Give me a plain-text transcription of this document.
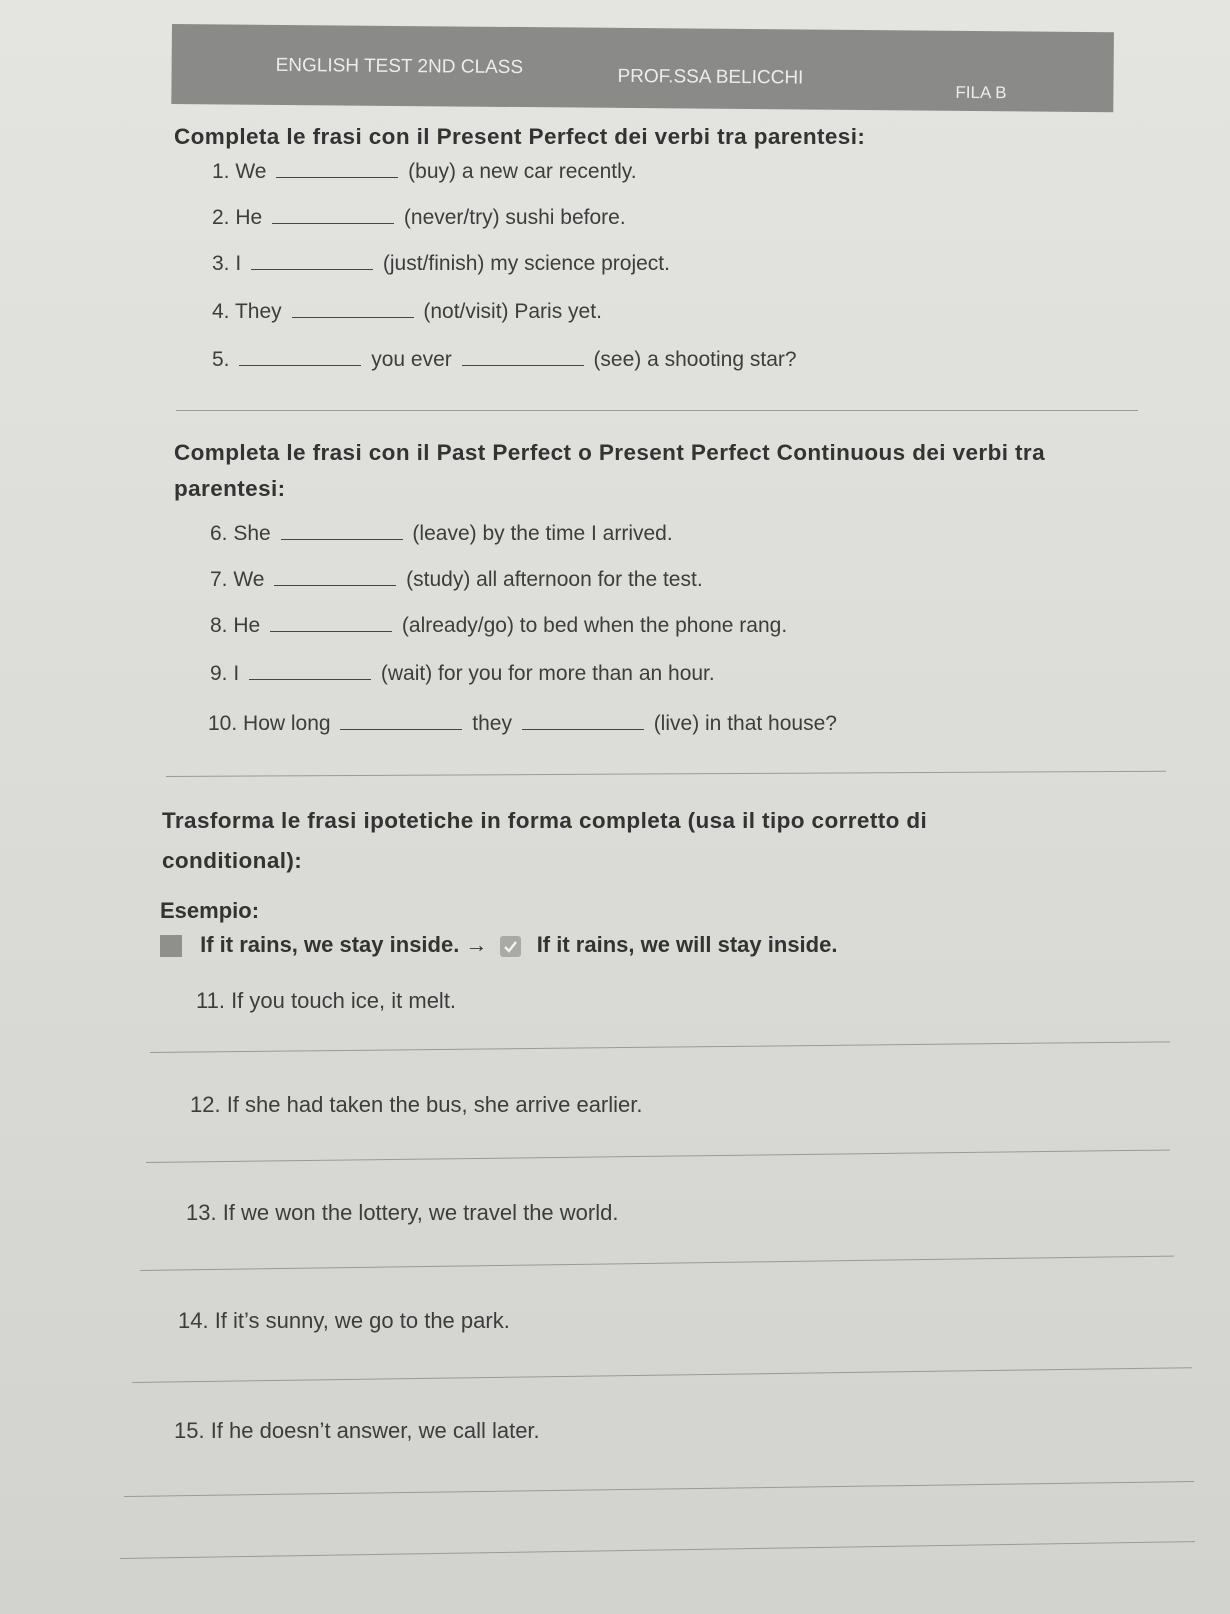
ENGLISH TEST 2ND CLASS	PROF.SSA BELICCHI
FILA B
Completa le frasi con il Present Perfect dei verbi tra parentesi:
1. We	(buy) a new car recently.
2. He	(never/try) sushi before.
3. I	(just/finish) my science project.
4. They	(not/visit) Paris yet.
5.	you ever	(see) a shooting star?
Completa le frasi con il Past Perfect o Present Perfect Continuous dei verbi tra
parentesi:
6. She	(leave) by the time I arrived.
7. We	(study) all afternoon for the test.
8. He	(already/go) to bed when the phone rang.
9. I	(wait) for you for more than an hour.
10. How long	they	(live) in that house?
Trasforma le frasi ipotetiche in forma completa (usa il tipo corretto di
conditional):
Esempio:
If it rains, we stay inside. → If it rains, we will stay inside.
11. If you touch ice, it melt.
12. If she had taken the bus, she arrive earlier.
13. If we won the lottery, we travel the world.
14. If it’s sunny, we go to the park.
15. If he doesn’t answer, we call later.
